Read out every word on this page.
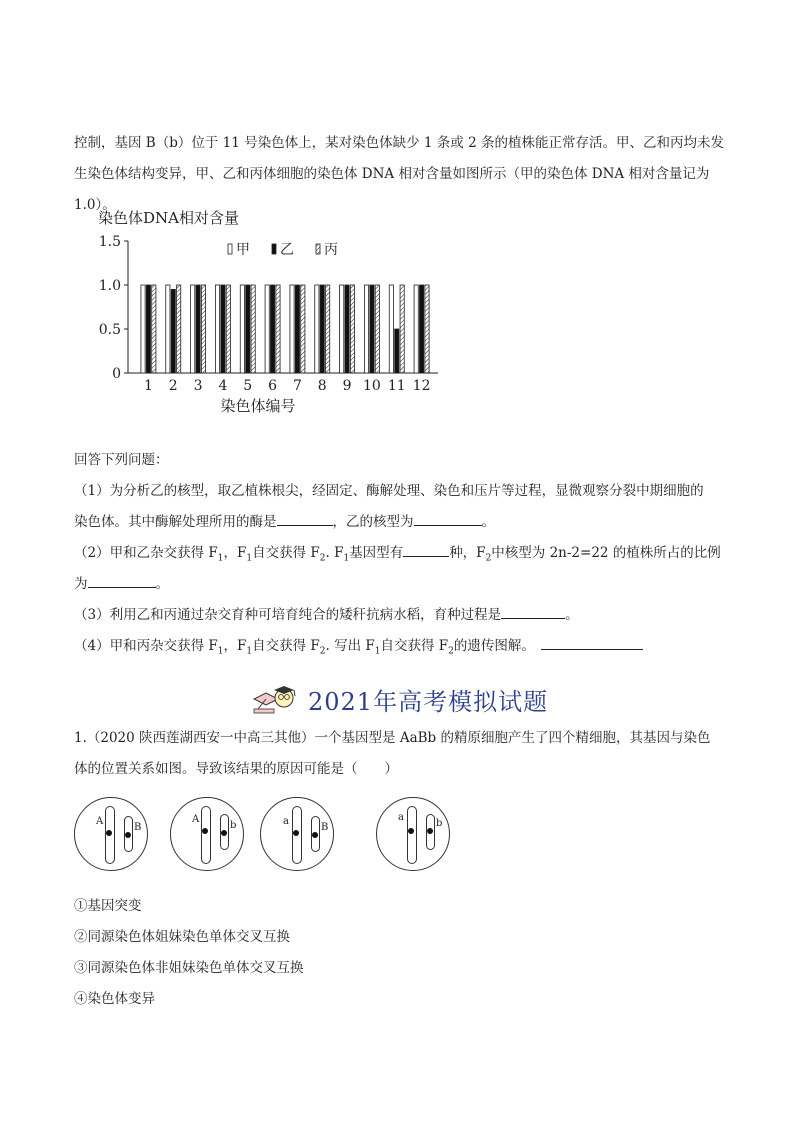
控制，基因 B（b）位于 11 号染色体上，某对染色体缺少 1 条或 2 条的植株能正常存活。甲、乙和丙均未发
生染色体结构变异，甲、乙和丙体细胞的染色体 DNA 相对含量如图所示（甲的染色体 DNA 相对含量记为
1.0）。
染色体DNA相对含量
0
0.5
1.0
1.5	甲 乙 丙
1 2 3 4 5 6 7 8 9 10 11 12
染色体编号
回答下列问题：
（1）为分析乙的核型，取乙植株根尖，经固定、酶解处理、染色和压片等过程，显微观察分裂中期细胞的
染色体。其中酶解处理所用的酶是	，乙的核型为	。
（2）甲和乙杂交获得 $F_1$，$F_1$自交获得 $F_2$. $F_1$基因型有	种，$F_2$中核型为 2n-2=22 的植株所占的比例
为	。
（3）利用乙和丙通过杂交育种可培育纯合的矮秆抗病水稻，育种过程是	。
（4）甲和丙杂交获得 $F_1$，$F_1$自交获得 $F_2$. 写出 $F_1$自交获得 $F_2$的遗传图解。
2021年高考模拟试题
1.（2020 陕西莲湖西安一中高三其他）一个基因型是 AaBb 的精原细胞产生了四个精细胞，其基因与染色
体的位置关系如图。导致该结果的原因可能是（　　）
A
B
A
b	a
B
a
b
①基因突变
②同源染色体姐妹染色单体交叉互换
③同源染色体非姐妹染色单体交叉互换
④染色体变异
